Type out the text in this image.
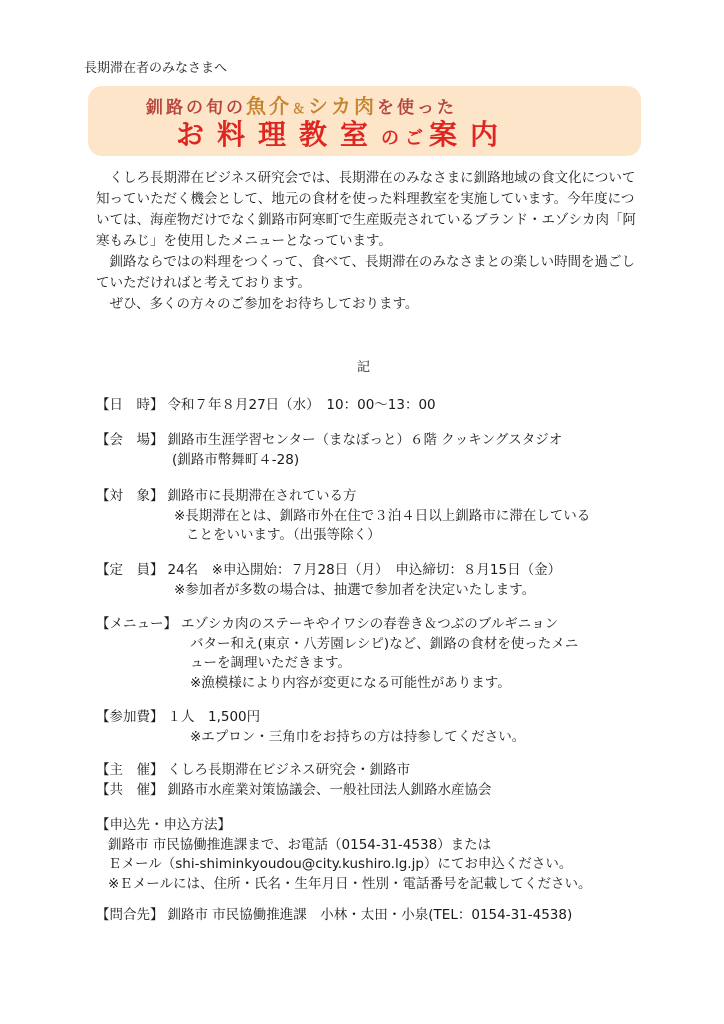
長期滞在者のみなさまへ
釧路の旬の魚介＆シカ肉を使った
お料理教室のご案内

くしろ長期滞在ビジネス研究会では、長期滞在のみなさまに釧路地域の食文化について知っていただく機会として、地元の食材を使った料理教室を実施しています。今年度については、海産物だけでなく釧路市阿寒町で生産販売されているブランド・エゾシカ肉「阿寒もみじ」を使用したメニューとなっています。

釧路ならではの料理をつくって、食べて、長期滞在のみなさまとの楽しい時間を過ごしていただければと考えております。

ぜひ、多くの方々のご参加をお待ちしております。

記
【日　時】 令和７年８月27日（水）　10：00～13：00
【会　場】 釧路市生涯学習センター（まなぼっと）６階 クッキングスタジオ
(釧路市幣舞町４-28)
【対　象】 釧路市に長期滞在されている方
※長期滞在とは、釧路市外在住で３泊４日以上釧路市に滞在している
ことをいいます。（出張等除く）
【定　員】 24名　※申込開始：７月28日（月）　申込締切：８月15日（金）
※参加者が多数の場合は、抽選で参加者を決定いたします。
【メニュー】 エゾシカ肉のステーキやイワシの春巻き＆つぶのブルギニョン
バター和え(東京・八芳園レシピ)など、釧路の食材を使ったメニ
ューを調理いただきます。
※漁模様により内容が変更になる可能性があります。
【参加費】 １人　1,500円
※エプロン・三角巾をお持ちの方は持参してください。
【主　催】 くしろ長期滞在ビジネス研究会・釧路市
【共　催】 釧路市水産業対策協議会、一般社団法人釧路水産協会
【申込先・申込方法】
釧路市 市民協働推進課まで、お電話（0154-31-4538）または
Ｅメール（shi-shiminkyoudou@city.kushiro.lg.jp）にてお申込ください。
※Ｅメールには、住所・氏名・生年月日・性別・電話番号を記載してください。
【問合先】 釧路市 市民協働推進課　小林・太田・小泉(TEL：0154-31-4538)
